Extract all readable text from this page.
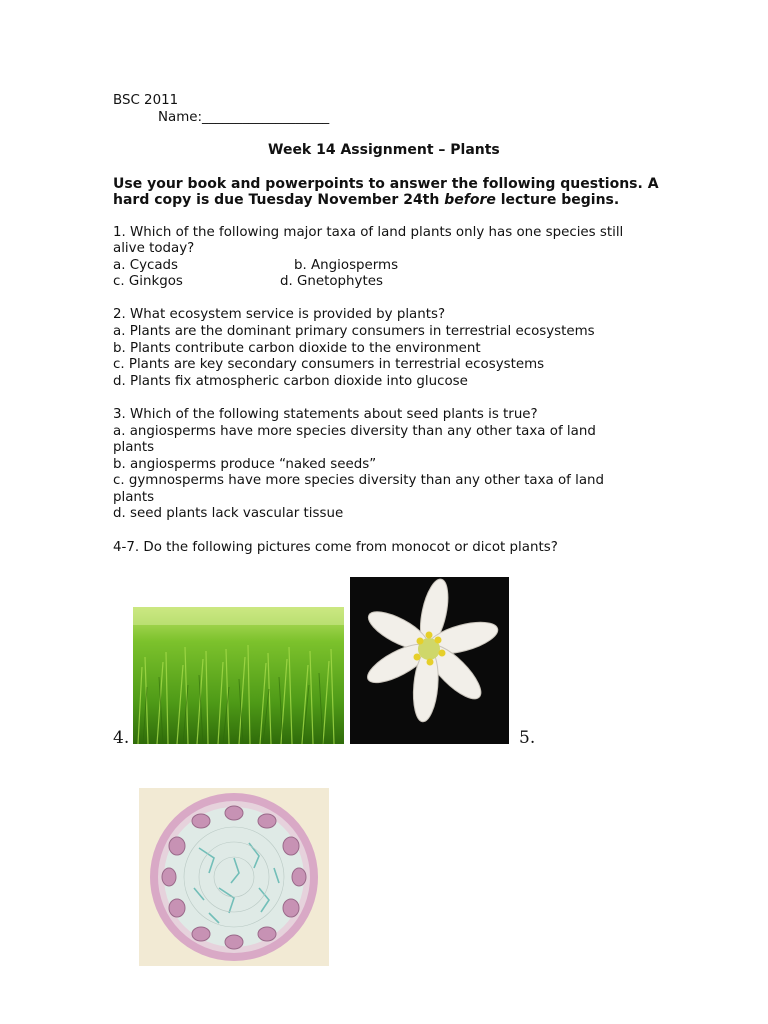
BSC 2011
Name:___________________
Week 14 Assignment – Plants
Use your book and powerpoints to answer the following questions. A
hard copy is due Tuesday November 24th before lecture begins.
1. Which of the following major taxa of land plants only has one species still
alive today?
a. Cycads	b. Angiosperms
c. Ginkgos	d. Gnetophytes
2. What ecosystem service is provided by plants?
a. Plants are the dominant primary consumers in terrestrial ecosystems
b. Plants contribute carbon dioxide to the environment
c. Plants are key secondary consumers in terrestrial ecosystems
d. Plants fix atmospheric carbon dioxide into glucose
3. Which of the following statements about seed plants is true?
a. angiosperms have more species diversity than any other taxa of land
plants
b. angiosperms produce “naked seeds”
c. gymnosperms have more species diversity than any other taxa of land
plants
d. seed plants lack vascular tissue
4-7. Do the following pictures come from monocot or dicot plants?
4.	5.
